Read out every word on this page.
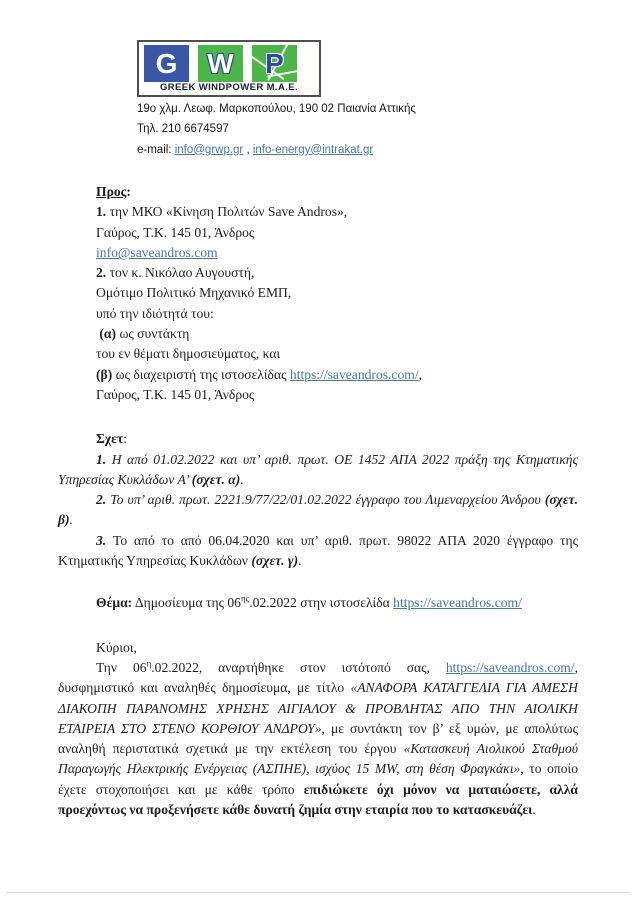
G W P
GREEK WINDPOWER M.A.E.
19ο χλμ. Λεωφ. Μαρκοπούλου, 190 02 Παιανία Αττικής
Τηλ. 210 6674597
e-mail: info@grwp.gr , info-energy@intrakat.gr
Προς:
1. την ΜΚΟ «Κίνηση Πολιτών Save Andros»,
Γαύρος, Τ.Κ. 145 01, Άνδρος
info@saveandros.com
2. τον κ. Νικόλαο Αυγουστή,
Ομότιμο Πολιτικό Μηχανικό ΕΜΠ,
υπό την ιδιότητά του:
(α) ως συντάκτη
του εν θέματι δημοσιεύματος, και
(β) ως διαχειριστή της ιστοσελίδας https://saveandros.com/,
Γαύρος, Τ.Κ. 145 01, Άνδρος
Σχετ:
1. Η από 01.02.2022 και υπ’ αριθ. πρωτ. ΟΕ 1452 ΑΠΑ 2022 πράξη της Κτηματικής Υπηρεσίας Κυκλάδων Α’ (σχετ. α).
2. Το υπ’ αριθ. πρωτ. 2221.9/77/22/01.02.2022 έγγραφο του Λιμεναρχείου Άνδρου (σχετ. β).
3. Το από το από 06.04.2020 και υπ’ αριθ. πρωτ. 98022 ΑΠΑ 2020 έγγραφο της Κτηματικής Υπηρεσίας Κυκλάδων (σχετ. γ).
Θέμα: Δημοσίευμα της $06^{\eta\varsigma}.02.2022$ στην ιστοσελίδα https://saveandros.com/
Κύριοι,
Την $06^\eta.02.2022$, αναρτήθηκε στον ιστότοπό σας, https://saveandros.com/, δυσφημιστικό και αναληθές δημοσίευμα, με τίτλο «ΑΝΑΦΟΡΑ ΚΑΤΑΓΓΕΛΙΑ ΓΙΑ ΑΜΕΣΗ ΔΙΑΚΟΠΗ ΠΑΡΑΝΟΜΗΣ ΧΡΗΣΗΣ ΑΙΓΙΑΛΟΥ & ΠΡΟΒΛΗΤΑΣ ΑΠΟ ΤΗΝ ΑΙΟΛΙΚΗ ΕΤΑΙΡΕΙΑ ΣΤΟ ΣΤΕΝΟ ΚΟΡΘΙΟΥ ΑΝΔΡΟΥ», με συντάκτη τον β’ εξ υμών, με απολύτως αναληθή περιστατικά σχετικά με την εκτέλεση του έργου «Κατασκευή Αιολικού Σταθμού Παραγωγής Ηλεκτρικής Ενέργειας (ΑΣΠΗΕ), ισχύος 15 MW, στη θέση Φραγκάκι», το οποίο έχετε στοχοποιήσει και με κάθε τρόπο επιδιώκετε όχι μόνον να ματαιώσετε, αλλά προεχόντως να προξενήσετε κάθε δυνατή ζημία στην εταιρία που το κατασκευάζει.
